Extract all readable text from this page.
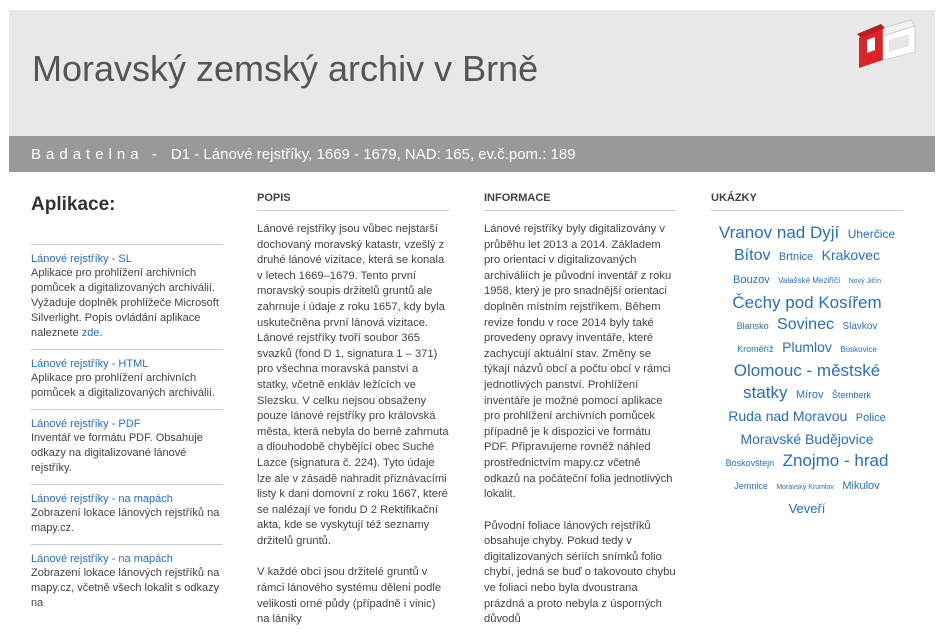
Moravský zemský archiv v Brně
Badatelna - D1 - Lánové rejstříky, 1669 - 1679, NAD: 165, ev.č.pom.: 189
Aplikace:
Lánové rejstříky - SL
Aplikace pro prohlížení archivních pomůcek a digitalizovaných archiválií. Vyžaduje doplněk prohlížeče Microsoft Silverlight. Popis ovládání aplikace naleznete zde.
Lánové rejstříky - HTML
Aplikace pro prohlížení archivních pomůcek a digitalizovaných archiválií.
Lánové rejstříky - PDF
Inventář ve formátu PDF. Obsahuje odkazy na digitalizované lánové rejstříky.
Lánové rejstříky - na mapách
Zobrazení lokace lánových rejstříků na mapy.cz.
Lánové rejstříky - na mapách
Zobrazení lokace lánových rejstříků na mapy.cz, včetně všech lokalit s odkazy na
POPIS

Lánové rejstříky jsou vůbec nejstarší dochovaný moravský katastr, vzešlý z druhé lánové vizitace, která se konala v letech 1669–1679. Tento první moravský soupis držitelů gruntů ale zahrnuje i údaje z roku 1657, kdy byla uskutečněna první lánová vizitace. Lánové rejstříky tvoří soubor 365 svazků (fond D 1, signatura 1 – 371) pro všechna moravská panství a statky, včetně enkláv ležících ve Slezsku. V celku nejsou obsaženy pouze lánové rejstříky pro královská města, která nebyla do berně zahrnuta a dlouhodobě chybějící obec Suché Lazce (signatura č. 224). Tyto údaje lze ale v zásadě nahradit přiznávacími listy k dani domovní z roku 1667, které se nalézají ve fondu D 2 Rektifikační akta, kde se vyskytují též seznamy držitelů gruntů.

V každé obci jsou držitelé gruntů v rámci lánového systému děleni podle velikosti orné půdy (případně i vinic) na láníky

INFORMACE

Lánové rejstříky byly digitalizovány v průběhu let 2013 a 2014. Základem pro orientaci v digitalizovaných archiváliích je původní inventář z roku 1958, který je pro snadnější orientaci doplněn místním rejstříkem. Během revize fondu v roce 2014 byly také provedeny opravy inventáře, které zachycují aktuální stav. Změny se týkají názvů obcí a počtu obcí v rámci jednotlivých panství. Prohlížení inventáře je možné pomocí aplikace pro prohlížení archivních pomůcek případně je k dispozici ve formátu PDF. Připravujeme rovněž náhled prostřednictvím mapy.cz včetně odkazů na počáteční folia jednotlivých lokalit.

Původní foliace lánových rejstříků obsahuje chyby. Pokud tedy v digitalizovaných sériích snímků folio chybí, jedná se buď o takovouto chybu ve foliaci nebo byla dvoustrana prázdná a proto nebyla z úsporných důvodů

UKÁZKY
Vranov nad Dyjí Uherčice Bítov Brtnice Krakovec Bouzov Valašské Meziříčí Nový Jičín Čechy pod Kosířem Blansko Sovinec Slavkov Kroměříž Plumlov Boskovice Olomouc - městské statky Mírov Šternberk Ruda nad Moravou Police Moravské Budějovice Boskovštejn Znojmo - hrad Jemnice Moravský Krumlov Mikulov Veveří
